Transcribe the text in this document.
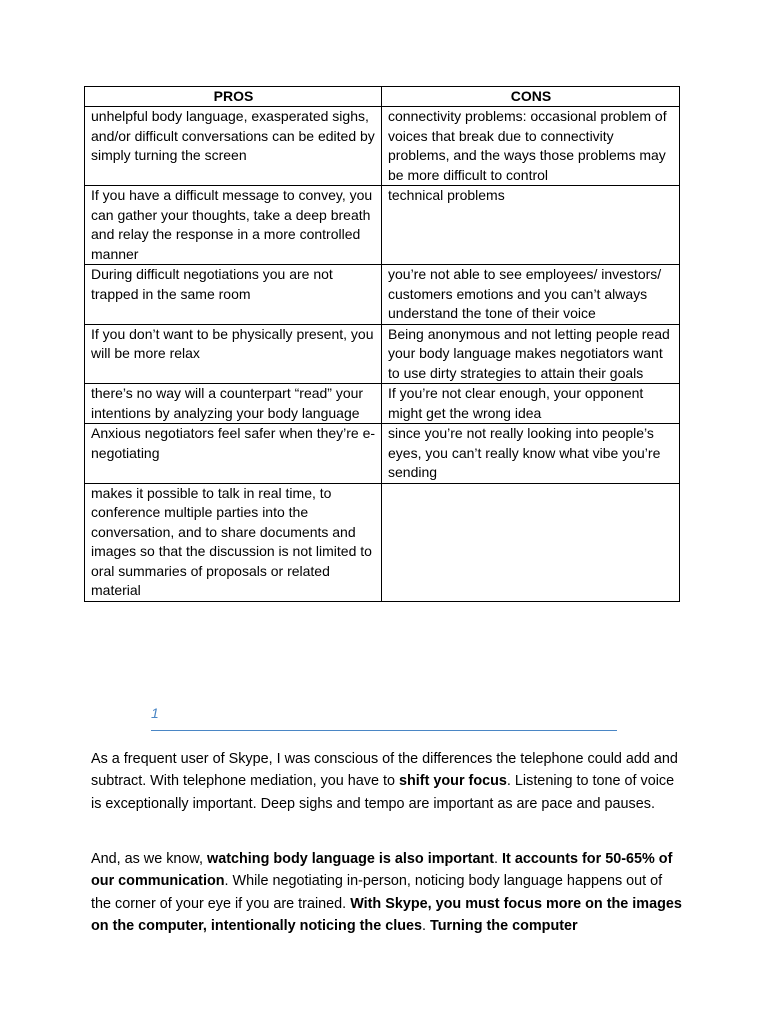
PROS	CONS
unhelpful body language, exasperated sighs, and/or difficult conversations can be edited by simply turning the screen	connectivity problems: occasional problem of voices that break due to connectivity problems, and the ways those problems may be more difficult to control
If you have a difficult message to convey, you can gather your thoughts, take a deep breath and relay the response in a more controlled manner	technical problems
During difficult negotiations you are not trapped in the same room	you’re not able to see employees/ investors/ customers emotions and you can’t always understand the tone of their voice
If you don’t want to be physically present, you will be more relax	Being anonymous and not letting people read your body language makes negotiators want to use dirty strategies to attain their goals
there’s no way will a counterpart “read” your intentions by analyzing your body language	If you’re not clear enough, your opponent might get the wrong idea
Anxious negotiators feel safer when they’re e-negotiating	since you’re not really looking into people’s eyes, you can’t really know what vibe you’re sending
makes it possible to talk in real time, to conference multiple parties into the conversation, and to share documents and images so that the discussion is not limited to oral summaries of proposals or related material	
1

As a frequent user of Skype, I was conscious of the differences the telephone could add and subtract. With telephone mediation, you have to shift your focus. Listening to tone of voice is exceptionally important. Deep sighs and tempo are important as are pace and pauses.

And, as we know, watching body language is also important. It accounts for 50-65% of our communication. While negotiating in-person, noticing body language happens out of the corner of your eye if you are trained. With Skype, you must focus more on the images on the computer, intentionally noticing the clues. Turning the computer
